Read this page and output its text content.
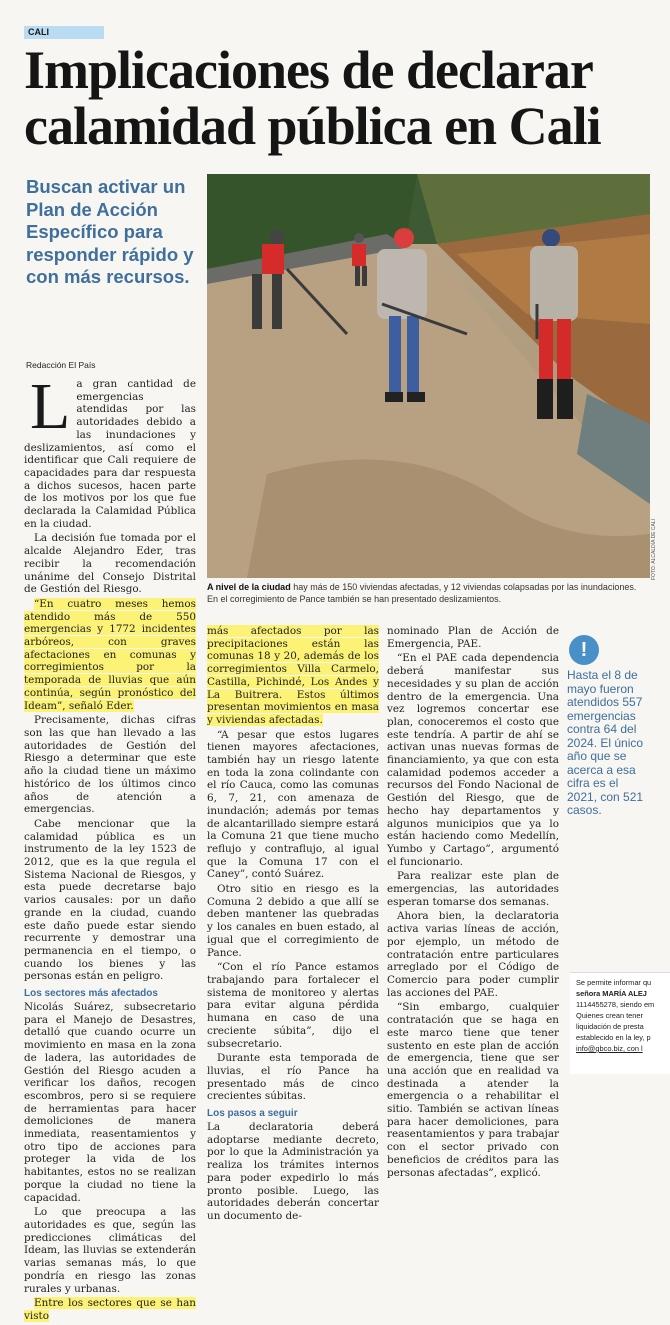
CALI
Implicaciones de declarar calamidad pública en Cali

Buscan activar un Plan de Acción Específico para responder rápido y con más recursos.

FOTO: ALCALDÍA DE CALI
A nivel de la ciudad hay más de 150 viviendas afectadas, y 12 viviendas colapsadas por las inundaciones. En el corregimiento de Pance también se han presentado deslizamientos.
Redacción El País

La gran cantidad de emergencias atendidas por las autoridades debido a las inundaciones y deslizamientos, así como el identificar que Cali requiere de capacidades para dar respuesta a dichos sucesos, hacen parte de los motivos por los que fue declarada la Calamidad Pública en la ciudad.

La decisión fue tomada por el alcalde Alejandro Eder, tras recibir la recomendación unánime del Consejo Distrital de Gestión del Riesgo.

“En cuatro meses hemos atendido más de 550 emergencias y 1772 incidentes arbóreos, con graves afectaciones en comunas y corregimientos por la temporada de lluvias que aún continúa, según pronóstico del Ideam”, señaló Eder.

Precisamente, dichas cifras son las que han llevado a las autoridades de Gestión del Riesgo a determinar que este año la ciudad tiene un máximo histórico de los últimos cinco años de atención a emergencias.

Cabe mencionar que la calamidad pública es un instrumento de la ley 1523 de 2012, que es la que regula el Sistema Nacional de Riesgos, y esta puede decretarse bajo varios causales: por un daño grande en la ciudad, cuando este daño puede estar siendo recurrente y demostrar una permanencia en el tiempo, o cuando los bienes y las personas están en peligro.

Los sectores más afectados

Nicolás Suárez, subsecretario para el Manejo de Desastres, detalló que cuando ocurre un movimiento en masa en la zona de ladera, las autoridades de Gestión del Riesgo acuden a verificar los daños, recogen escombros, pero si se requiere de herramientas para hacer demoliciones de manera inmediata, reasentamientos y otro tipo de acciones para proteger la vida de los habitantes, estos no se realizan porque la ciudad no tiene la capacidad.

Lo que preocupa a las autoridades es que, según las predicciones climáticas del Ideam, las lluvias se extenderán varias semanas más, lo que pondría en riesgo las zonas rurales y urbanas.

Entre los sectores que se han visto

más afectados por las precipitaciones están las comunas 18 y 20, además de los corregimientos Villa Carmelo, Castilla, Pichindé, Los Andes y La Buitrera. Estos últimos presentan movimientos en masa y viviendas afectadas.

“A pesar que estos lugares tienen mayores afectaciones, también hay un riesgo latente en toda la zona colindante con el río Cauca, como las comunas 6, 7, 21, con amenaza de inundación; además por temas de alcantarillado siempre estará la Comuna 21 que tiene mucho reflujo y contraflujo, al igual que la Comuna 17 con el Caney”, contó Suárez.

Otro sitio en riesgo es la Comuna 2 debido a que allí se deben mantener las quebradas y los canales en buen estado, al igual que el corregimiento de Pance.

“Con el río Pance estamos trabajando para fortalecer el sistema de monitoreo y alertas para evitar alguna pérdida humana en caso de una creciente súbita”, dijo el subsecretario.

Durante esta temporada de lluvias, el río Pance ha presentado más de cinco crecientes súbitas.

Los pasos a seguir

La declaratoria deberá adoptarse mediante decreto, por lo que la Administración ya realiza los trámites internos para poder expedirlo lo más pronto posible. Luego, las autoridades deberán concertar un documento de-

nominado Plan de Acción de Emergencia, PAE.

“En el PAE cada dependencia deberá manifestar sus necesidades y su plan de acción dentro de la emergencia. Una vez logremos concertar ese plan, conoceremos el costo que este tendría. A partir de ahí se activan unas nuevas formas de financiamiento, ya que con esta calamidad podemos acceder a recursos del Fondo Nacional de Gestión del Riesgo, que de hecho hay departamentos y algunos municipios que ya lo están haciendo como Medellín, Yumbo y Cartago”, argumentó el funcionario.

Para realizar este plan de emergencias, las autoridades esperan tomarse dos semanas.

Ahora bien, la declaratoria activa varias líneas de acción, por ejemplo, un método de contratación entre particulares arreglado por el Código de Comercio para poder cumplir las acciones del PAE.

“Sin embargo, cualquier contratación que se haga en este marco tiene que tener sustento en este plan de acción de emergencia, tiene que ser una acción que en realidad va destinada a atender la emergencia o a rehabilitar el sitio. También se activan líneas para hacer demoliciones, para reasentamientos y para trabajar con el sector privado con beneficios de créditos para las personas afectadas”, explicó.

!
Hasta el 8 de mayo fueron atendidos 557 emergencias contra 64 del 2024. El único año que se acerca a esa cifra es el 2021, con 521 casos.
Se permite informar qu
señora MARÍA ALEJ
1114455278, siendo em
Quienes crean tener
liquidación de presta
establecido en la ley, p
info@gbco.biz, con l
